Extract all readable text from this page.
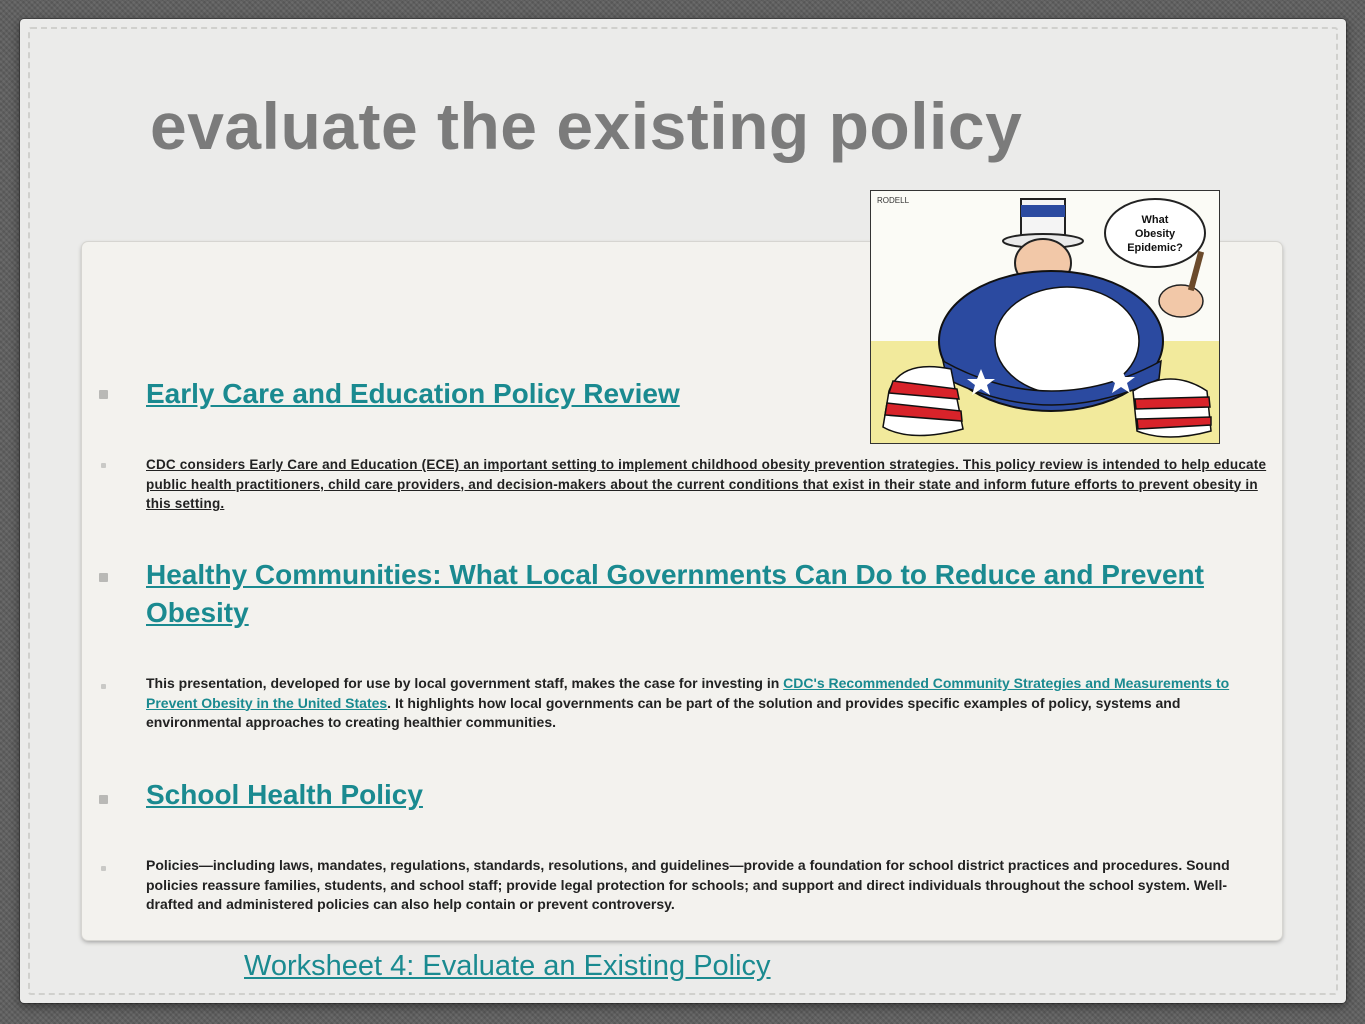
evaluate the existing policy
What
Obesity
Epidemic?
RODELL
Early Care and Education Policy Review
CDC considers Early Care and Education (ECE) an important setting to implement childhood obesity prevention strategies. This policy review is intended to help educate public health practitioners, child care providers, and decision-makers about the current conditions that exist in their state and inform future efforts to prevent obesity in this setting.
Healthy Communities: What Local Governments Can Do to Reduce and Prevent Obesity
This presentation, developed for use by local government staff, makes the case for investing in CDC's Recommended Community Strategies and Measurements to Prevent Obesity in the United States. It highlights how local governments can be part of the solution and provides specific examples of policy, systems and environmental approaches to creating healthier communities.
School Health Policy
Policies—including laws, mandates, regulations, standards, resolutions, and guidelines—provide a foundation for school district practices and procedures. Sound policies reassure families, students, and school staff; provide legal protection for schools; and support and direct individuals throughout the school system. Well-drafted and administered policies can also help contain or prevent controversy.
Worksheet 4: Evaluate an Existing Policy
